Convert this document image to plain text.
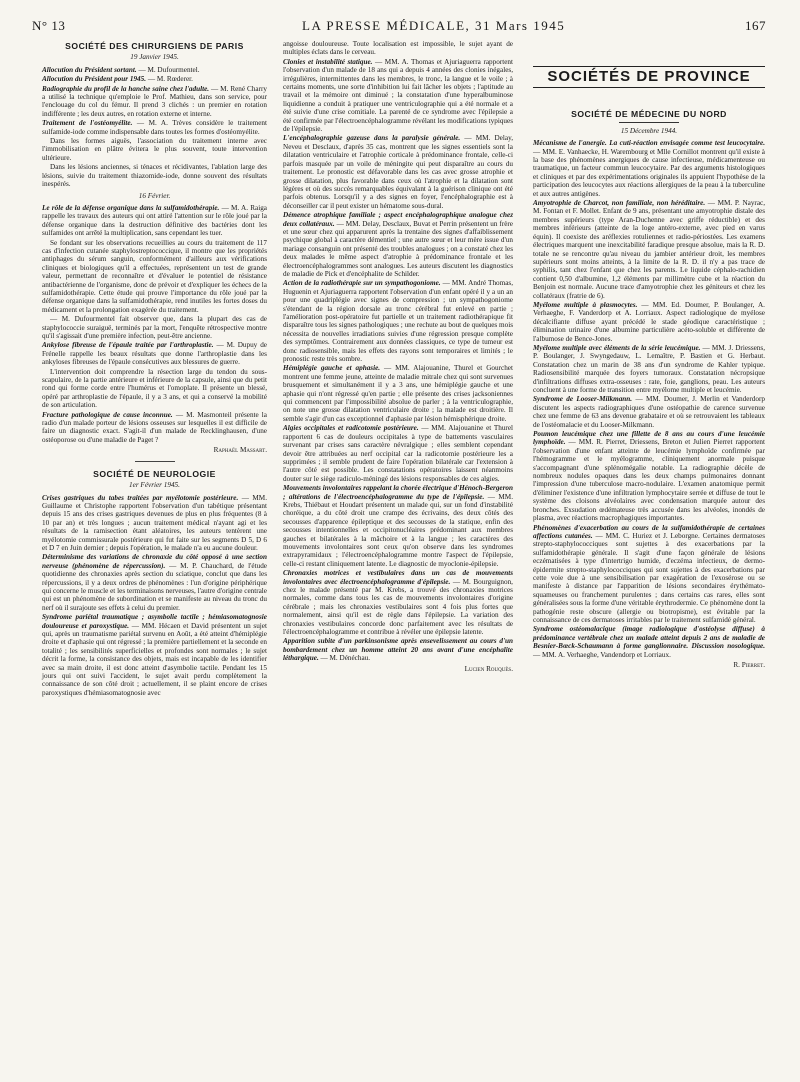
N° 13	LA PRESSE MÉDICALE, 31 Mars 1945	167
SOCIÉTÉ DES CHIRURGIENS DE PARIS
19 Janvier 1945.

Allocution du Président sortant. — M. Dufourmentel.

Allocution du Président pour 1945. — M. Rœderer.

Radiographie du profil de la hanche saine chez l'adulte. — M. René Charry a utilisé la technique qu'emploie le Prof. Mathieu, dans son service, pour l'enclouage du col du fémur. Il prend 3 clichés : un premier en rotation indifférente ; les deux autres, en rotation externe et interne.

Traitement de l'ostéomyélite. — M. A. Trèves considère le traitement sulfamide-iode comme indispensable dans toutes les formes d'ostéomyélite.

Dans les formes aiguës, l'association du traitement interne avec l'immobilisation en plâtre évitera le plus souvent, toute intervention ultérieure.

Dans les lésions anciennes, si ténaces et récidivantes, l'ablation large des lésions, suivie du traitement thiazomide-iode, donne souvent des résultats inespérés.

16 Février.

Le rôle de la défense organique dans la sulfamidothérapie. — M. A. Raiga rappelle les travaux des auteurs qui ont attiré l'attention sur le rôle joué par la défense organique dans la destruction définitive des bactéries dont les sulfamides ont arrêté la multiplication, sans cependant les tuer.

Se fondant sur les observations recueillies au cours du traitement de 117 cas d'infection cutanée staphylostreptococcique, il montre que les propriétés antiphages du sérum sanguin, conformément d'ailleurs aux vérifications cliniques et biologiques qu'il a effectuées, représentent un test de grande valeur, permettant de reconnaître et d'évaluer le potentiel de résistance antibactérienne de l'organisme, donc de prévoir et d'expliquer les échecs de la sulfamidothérapie. Cette étude qui prouve l'importance du rôle joué par la défense organique dans la sulfamidothérapie, rend inutiles les fortes doses du médicament et la prolongation exagérée du traitement.

— M. Dufourmentel fait observer que, dans la plupart des cas de staphylococcie suraiguë, terminés par la mort, l'enquête rétrospective montre qu'il s'agissait d'une première infection, peut-être ancienne.

Ankylose fibreuse de l'épaule traitée par l'arthroplastie. — M. Dupuy de Frénelle rappelle les beaux résultats que donne l'arthroplastie dans les ankyloses fibreuses de l'épaule consécutives aux blessures de guerre.

L'intervention doit comprendre la résection large du tendon du sous-scapulaire, de la partie antérieure et inférieure de la capsule, ainsi que du petit rond qui forme corde entre l'humérus et l'omoplate. Il présente un blessé, opéré par arthroplastie de l'épaule, il y a 3 ans, et qui a conservé la mobilité de son articulation.

Fracture pathologique de cause inconnue. — M. Masmonteil présente la radio d'un malade porteur de lésions osseuses sur lesquelles il est difficile de faire un diagnostic exact. S'agit-il d'un malade de Recklinghausen, d'une ostéoporose ou d'une maladie de Paget ?

Raphaël Massart.
SOCIÉTÉ DE NEUROLOGIE
1er Février 1945.

Crises gastriques du tabes traitées par myélotomie postérieure. — MM. Guillaume et Christophe rapportent l'observation d'un tabétique présentant depuis 15 ans des crises gastriques devenues de plus en plus fréquentes (8 à 10 par an) et très longues ; aucun traitement médical n'ayant agi et les résultats de la ramisection étant aléatoires, les auteurs tentèrent une myélotomie commissurale postérieure qui fut faite sur les segments D 5, D 6 et D 7 en Juin dernier ; depuis l'opération, le malade n'a eu aucune douleur.

Déterminisme des variations de chronaxie du côté opposé à une section nerveuse (phénomène de répercussion). — M. P. Chauchard, de l'étude quotidienne des chronaxies après section du sciatique, conclut que dans les répercussions, il y a deux ordres de phénomènes : l'un d'origine périphérique qui concerne le muscle et les terminaisons nerveuses, l'autre d'origine centrale qui est un phénomène de subordination et se manifeste au niveau du tronc du nerf où il surajoute ses effets à celui du premier.

Syndrome pariétal traumatique ; asymbolie tactile ; hémiasomatognosie douloureuse et paroxystique. — MM. Hécaen et David présentent un sujet qui, après un traumatisme pariétal survenu en Août, a été atteint d'hémiplégie droite et d'aphasie qui ont régressé ; la première partiellement et la seconde en totalité ; les sensibilités superficielles et profondes sont normales ; le sujet décrit la forme, la consistance des objets, mais est incapable de les identifier avec sa main droite, il est donc atteint d'asymbolie tactile. Pendant les 15 jours qui ont suivi l'accident, le sujet avait perdu complètement la connaissance de son côté droit ; actuellement, il se plaint encore de crises paroxystiques d'hémiasomatognosie avec

angoisse douloureuse. Toute localisation est impossible, le sujet ayant de multiples éclats dans le cerveau.

Clonies et instabilité statique. — MM. A. Thomas et Ajuriaguerra rapportent l'observation d'un malade de 18 ans qui a depuis 4 années des clonies inégales, irrégulières, intermittentes dans les membres, le tronc, la langue et le voile ; à certains moments, une sorte d'inhibition lui fait lâcher les objets ; l'aptitude au travail et la mémoire ont diminué ; la constatation d'une hyperalbuminose liquidienne a conduit à pratiquer une ventriculographie qui a été normale et a été suivie d'une crise comitiale. La parenté de ce syndrome avec l'épilepsie a été confirmée par l'électroencéphalogramme révélant les modifications typiques de l'épilepsie.

L'encéphalographie gazeuse dans la paralysie générale. — MM. Delay, Neveu et Desclaux, d'après 35 cas, montrent que les signes essentiels sont la dilatation ventriculaire et l'atrophie corticale à prédominance frontale, celle-ci parfois masquée par un voile de méningite qui peut disparaître au cours du traitement. Le pronostic est défavorable dans les cas avec grosse atrophie et grosse dilatation, plus favorable dans ceux où l'atrophie et la dilatation sont légères et où des succès remarquables équivalant à la guérison clinique ont été parfois obtenus. Lorsqu'il y a des signes en foyer, l'encéphalographie est à déconseiller car il peut exister un hématome sous-dural.

Démence atrophique familiale ; aspect encéphalographique analogue chez deux collatéraux. — MM. Delay, Desclaux, Buvat et Perrin présentent un frère et une sœur chez qui apparurent après la trentaine des signes d'affaiblissement psychique global à caractère démentiel ; une autre sœur et leur mère issue d'un mariage consanguin ont présenté des troubles analogues ; on a constaté chez les deux malades le même aspect d'atrophie à prédominance frontale et les électroencéphalogrammes sont analogues. Les auteurs discutent les diagnostics de maladie de Pick et d'encéphalite de Schilder.

Action de la radiothérapie sur un sympathogoniome. — MM. André Thomas, Huguenin et Ajuriaguerra rapportent l'observation d'un enfant opéré il y a un an pour une quadriplégie avec signes de compression ; un sympathogoniome s'étendant de la région dorsale au tronc cérébral fut enlevé en partie ; l'amélioration post-opératoire fut partielle et un traitement radiothérapique fit disparaître tous les signes pathologiques ; une rechute au bout de quelques mois nécessita de nouvelles irradiations suivies d'une régression presque complète des symptômes. Contrairement aux données classiques, ce type de tumeur est donc radiosensible, mais les effets des rayons sont temporaires et limités ; le pronostic reste très sombre.

Hémiplégie gauche et aphasie. — MM. Alajouanine, Thurel et Gourchet montrent une femme jeune, atteinte de maladie mitrale chez qui sont survenues brusquement et simultanément il y a 3 ans, une hémiplégie gauche et une aphasie qui n'ont régressé qu'en partie ; elle présente des crises jacksoniennes qui commencent par l'impossibilité absolue de parler ; à la ventriculographie, on note une grosse dilatation ventriculaire droite ; la malade est droitière. Il semble s'agir d'un cas exceptionnel d'aphasie par lésion hémisphérique droite.

Algies occipitales et radicotomie postérieure. — MM. Alajouanine et Thurel rapportent 6 cas de douleurs occipitales à type de battements vasculaires survenant par crises sans caractère névralgique ; elles semblent cependant devoir être attribuées au nerf occipital car la radicotomie postérieure les a supprimées ; il semble prudent de faire l'opération bilatérale car l'extension à l'autre côté est possible. Les constatations opératoires laissent néanmoins douter sur le siège radiculo-méningé des lésions responsables de ces algies.

Mouvements involontaires rappelant la chorée électrique d'Hénoch-Bergeron ; altérations de l'électroencéphalogramme du type de l'épilepsie. — MM. Krebs, Thiébaut et Houdart présentent un malade qui, sur un fond d'instabilité choréique, a du côté droit une crampe des écrivains, des deux côtés des secousses d'apparence épileptique et des secousses de la statique, enfin des secousses intentionnelles et occipitonucléaires prédominant aux membres gauches et bilatérales à la mâchoire et à la langue ; les caractères des mouvements involontaires sont ceux qu'on observe dans les syndromes extrapyramidaux ; l'électroencéphalogramme montre l'aspect de l'épilepsie, celle-ci restant cliniquement latente. Le diagnostic de myoclonie-épilepsie.

Chronaxies motrices et vestibulaires dans un cas de mouvements involontaires avec électroencéphalogramme d'épilepsie. — M. Bourguignon, chez le malade présenté par M. Krebs, a trouvé des chronaxies motrices normales, comme dans tous les cas de mouvements involontaires d'origine cérébrale ; mais les chronaxies vestibulaires sont 4 fois plus fortes que normalement, ainsi qu'il est de règle dans l'épilepsie. La variation des chronaxies vestibulaires concorde donc parfaitement avec les résultats de l'électroencéphalogramme et contribue à révéler une épilepsie latente.

Apparition subite d'un parkinsonisme après ensevelissement au cours d'un bombardement chez un homme atteint 20 ans avant d'une encéphalite léthargique. — M. Dénéchau.

Lucien Rouquès.
SOCIÉTÉS DE PROVINCE
SOCIÉTÉ DE MÉDECINE DU NORD
15 Décembre 1944.

Mécanisme de l'anergie. La cuti-réaction envisagée comme test leucocytaire. — MM. E. Vanhaecke, H. Warembourg et Mlle Cornillot montrent qu'il existe à la base des phénomènes anergiques de cause infectieuse, médicamenteuse ou traumatique, un facteur commun leucocytaire. Par des arguments histologiques et cliniques et par des expérimentations originales ils appuient l'hypothèse de la participation des leucocytes aux réactions allergiques de la peau à la tuberculine et aux autres antigènes.

Amyotrophie de Charcot, non familiale, non héréditaire. — MM. P. Nayrac, M. Fontan et F. Mollet. Enfant de 9 ans, présentant une amyotrophie distale des membres supérieurs (type Aran-Duchenne avec griffe réductible) et des membres inférieurs (atteinte de la loge antéro-externe, avec pied en varus équin). Il coexiste des aréflexies rotuliennes et radio-périostées. Les examens électriques marquent une inexcitabilité faradique presque absolue, mais la R. D. totale ne se rencontre qu'au niveau du jambier antérieur droit, les membres supérieurs sont moins atteints, à la limite de la R. D. il n'y a pas trace de syphilis, tant chez l'enfant que chez les parents. Le liquide céphalo-rachidien contient 0,50 d'albumine, 1,2 éléments par millimètre cube et la réaction du Benjoin est normale. Aucune trace d'amyotrophie chez les géniteurs et chez les collatéraux (fratrie de 6).

Myélome multiple à plasmocytes. — MM. Ed. Doumer, P. Boulanger, A. Verhaeghe, F. Vanderdorp et A. Lorriaux. Aspect radiologique de myélose décalcifiante diffuse ayant précédé le stade géodique caractéristique ; élimination urinaire d'une albumine particulière acéto-soluble et différente de l'albumose de Bence-Jones.

Myélome multiple avec éléments de la série leucémique. — MM. J. Driessens, P. Boulanger, J. Swyngedauw, L. Lemaître, P. Bastien et G. Herbaut. Constatation chez un marin de 38 ans d'un syndrome de Kahler typique. Radiosensibilité marquée des foyers tumoraux. Constatation nécropsique d'infiltrations diffuses extra-osseuses : rate, foie, ganglions, peau. Les auteurs concluent à une forme de transition entre myélome multiple et leucémie.

Syndrome de Looser-Milkmann. — MM. Doumer, J. Merlin et Vanderdorp discutent les aspects radiographiques d'une ostéopathie de carence survenue chez une femme de 63 ans devenue grabataire et où se retrouvaient les tableaux de l'ostéomalacie et du Looser-Milkmann.

Poumon leucémique chez une fillette de 8 ans au cours d'une leucémie lymphoïde. — MM. R. Pierret, Driessens, Breton et Julien Pierret rapportent l'observation d'une enfant atteinte de leucémie lymphoïde confirmée par l'hémogramme et le myélogramme, cliniquement anormale puisque s'accompagnant d'une splénomégalie notable. La radiographie décèle de nombreux nodules opaques dans les deux champs pulmonaires donnant l'impression d'une tuberculose macro-nodulaire. L'examen anatomique permit d'éliminer l'existence d'une infiltration lymphocytaire serrée et diffuse de tout le système des cloisons alvéolaires avec condensation marquée autour des bronches. Exsudation œdémateuse très accusée dans les alvéoles, inondés de plasma, avec réactions macrophagiques importantes.

Phénomènes d'exacerbation au cours de la sulfamidothérapie de certaines affections cutanées. — MM. C. Huriez et J. Leborgne. Certaines dermatoses strepto-staphylococciques sont sujettes à des exacerbations par la sulfamidothérapie générale. Il s'agit d'une façon générale de lésions eczématisées à type d'intertrigo humide, d'eczéma infectieux, de dermo-épidermite strepto-staphylococciques qui sont sujettes à des exacerbations par cette voie due à une sensibilisation par exagération de l'exosérose ou se manifeste à distance par l'apparition de lésions secondaires érythémato-squameuses ou franchement purulentes ; dans certains cas rares, elles sont généralisées sous la forme d'une véritable érythrodermie. Ce phénomène dont la pathogénie reste obscure (allergie ou biotropisme), est évitable par la connaissance de ces dermatoses irritables par le traitement sulfamidé général.

Syndrome ostéomalacique (image radiologique d'ostéolyse diffuse) à prédominance vertébrale chez un malade atteint depuis 2 ans de maladie de Besnier-Bœck-Schaumann à forme ganglionnaire. Discussion nosologique. — MM. A. Verhaeghe, Vandendorp et Lorriaux.

R. Pierret.
